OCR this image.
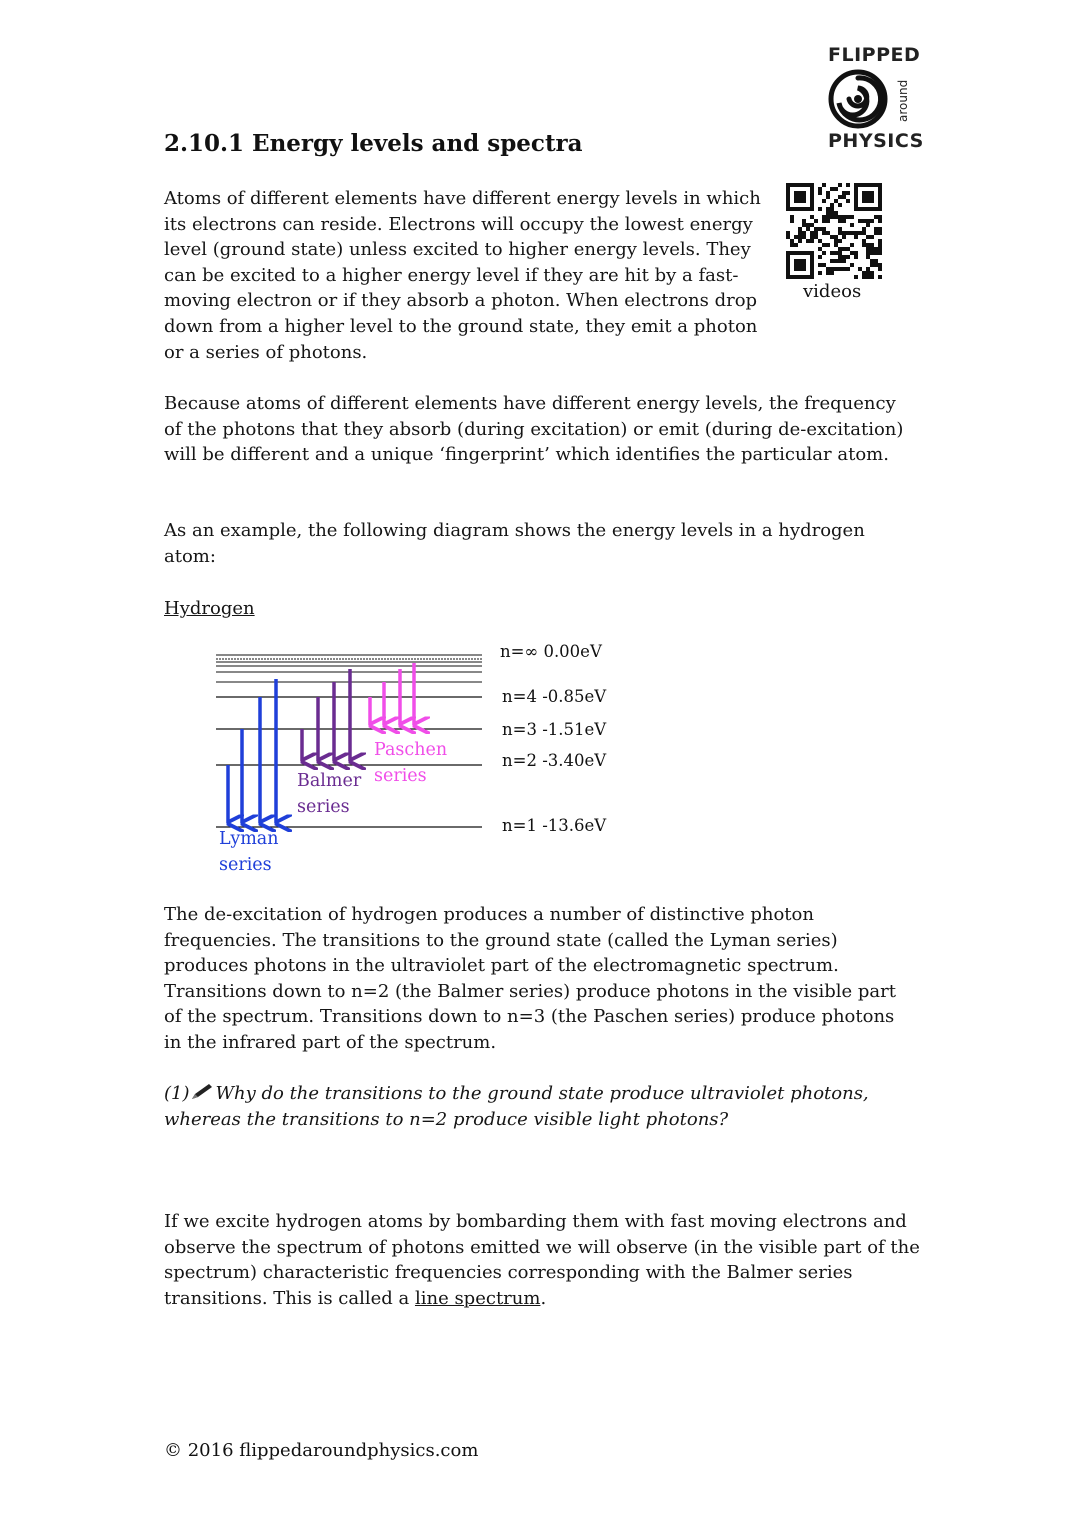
FLIPPED
around
PHYSICS
2.10.1 Energy levels and spectra
videos

Atoms of different elements have different energy levels in which its electrons can reside. Electrons will occupy the lowest energy level (ground state) unless excited to higher energy levels. They can be excited to a higher energy level if they are hit by a fast-moving electron or if they absorb a photon. When electrons drop down from a higher level to the ground state, they emit a photon or a series of photons.

Because atoms of different elements have different energy levels, the frequency of the photons that they absorb (during excitation) or emit (during de-excitation) will be different and a unique ‘fingerprint’ which identifies the particular atom.

As an example, the following diagram shows the energy levels in a hydrogen atom:

Hydrogen

n=∞ 0.00eV
n=4 -0.85eV
n=3 -1.51eV
n=2 -3.40eV
n=1 -13.6eV
Lyman
series
Balmer
series
Paschen
series

The de-excitation of hydrogen produces a number of distinctive photon frequencies. The transitions to the ground state (called the Lyman series) produces photons in the ultraviolet part of the electromagnetic spectrum. Transitions down to n=2 (the Balmer series) produce photons in the visible part of the spectrum. Transitions down to n=3 (the Paschen series) produce photons in the infrared part of the spectrum.

(1) Why do the transitions to the ground state produce ultraviolet photons, whereas the transitions to n=2 produce visible light photons?

If we excite hydrogen atoms by bombarding them with fast moving electrons and observe the spectrum of photons emitted we will observe (in the visible part of the spectrum) characteristic frequencies corresponding with the Balmer series transitions. This is called a line spectrum.

© 2016 flippedaroundphysics.com
